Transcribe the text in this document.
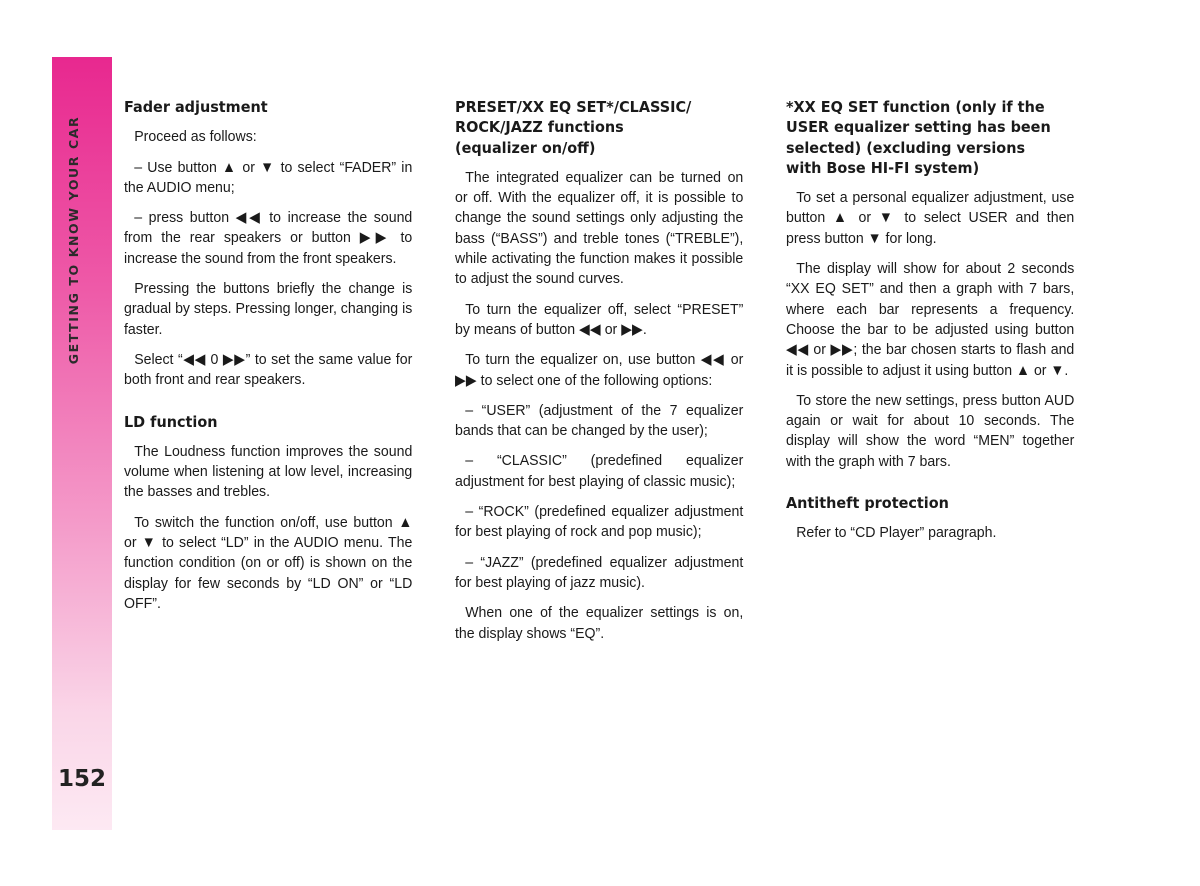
GETTING TO KNOW YOUR CAR
152
Fader adjustment

Proceed as follows:

– Use button ▲ or ▼ to select “FADER” in the AUDIO menu;

– press button ◀◀ to increase the sound from the rear speakers or button ▶▶ to increase the sound from the front speakers.

Pressing the buttons briefly the change is gradual by steps. Pressing longer, changing is faster.

Select “◀◀ 0 ▶▶” to set the same value for both front and rear speakers.

LD function

The Loudness function improves the sound volume when listening at low level, increasing the basses and trebles.

To switch the function on/off, use button ▲ or ▼ to select “LD” in the AUDIO menu. The function condition (on or off) is shown on the display for few seconds by “LD ON” or “LD OFF”.

PRESET/XX EQ SET*/CLASSIC/
ROCK/JAZZ functions
(equalizer on/off)

The integrated equalizer can be turned on or off. With the equalizer off, it is possible to change the sound settings only adjusting the bass (“BASS”) and treble tones (“TREBLE”), while activating the function makes it possible to adjust the sound curves.

To turn the equalizer off, select “PRESET” by means of button ◀◀ or ▶▶.

To turn the equalizer on, use button ◀◀ or ▶▶ to select one of the following options:

– “USER” (adjustment of the 7 equalizer bands that can be changed by the user);

– “CLASSIC” (predefined equalizer adjustment for best playing of classic music);

– “ROCK” (predefined equalizer adjustment for best playing of rock and pop music);

– “JAZZ” (predefined equalizer adjustment for best playing of jazz music).

When one of the equalizer settings is on, the display shows “EQ”.

*XX EQ SET function (only if the
USER equalizer setting has been
selected) (excluding versions
with Bose HI-FI system)

To set a personal equalizer adjustment, use button ▲ or ▼ to select USER and then press button ▼ for long.

The display will show for about 2 seconds “XX EQ SET” and then a graph with 7 bars, where each bar represents a frequency. Choose the bar to be adjusted using button ◀◀ or ▶▶; the bar chosen starts to flash and it is possible to adjust it using button ▲ or ▼.

To store the new settings, press button AUD again or wait for about 10 seconds. The display will show the word “MEN” together with the graph with 7 bars.

Antitheft protection

Refer to “CD Player” paragraph.
